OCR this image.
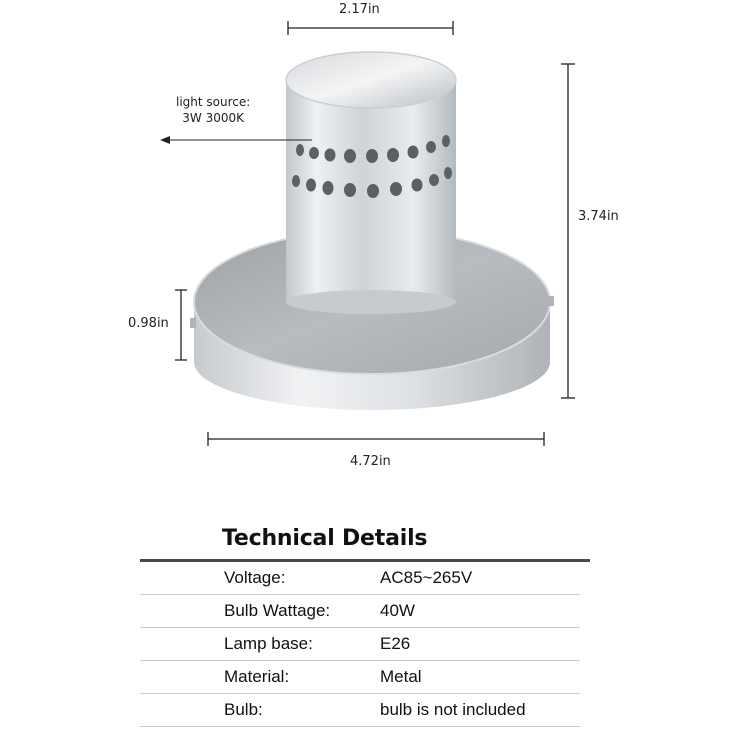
2.17in
3.74in
0.98in
4.72in
light source:
3W 3000K
Technical Details
Voltage:	AC85~265V
Bulb Wattage:	40W
Lamp base:	E26
Material:	Metal
Bulb:	bulb is not included
